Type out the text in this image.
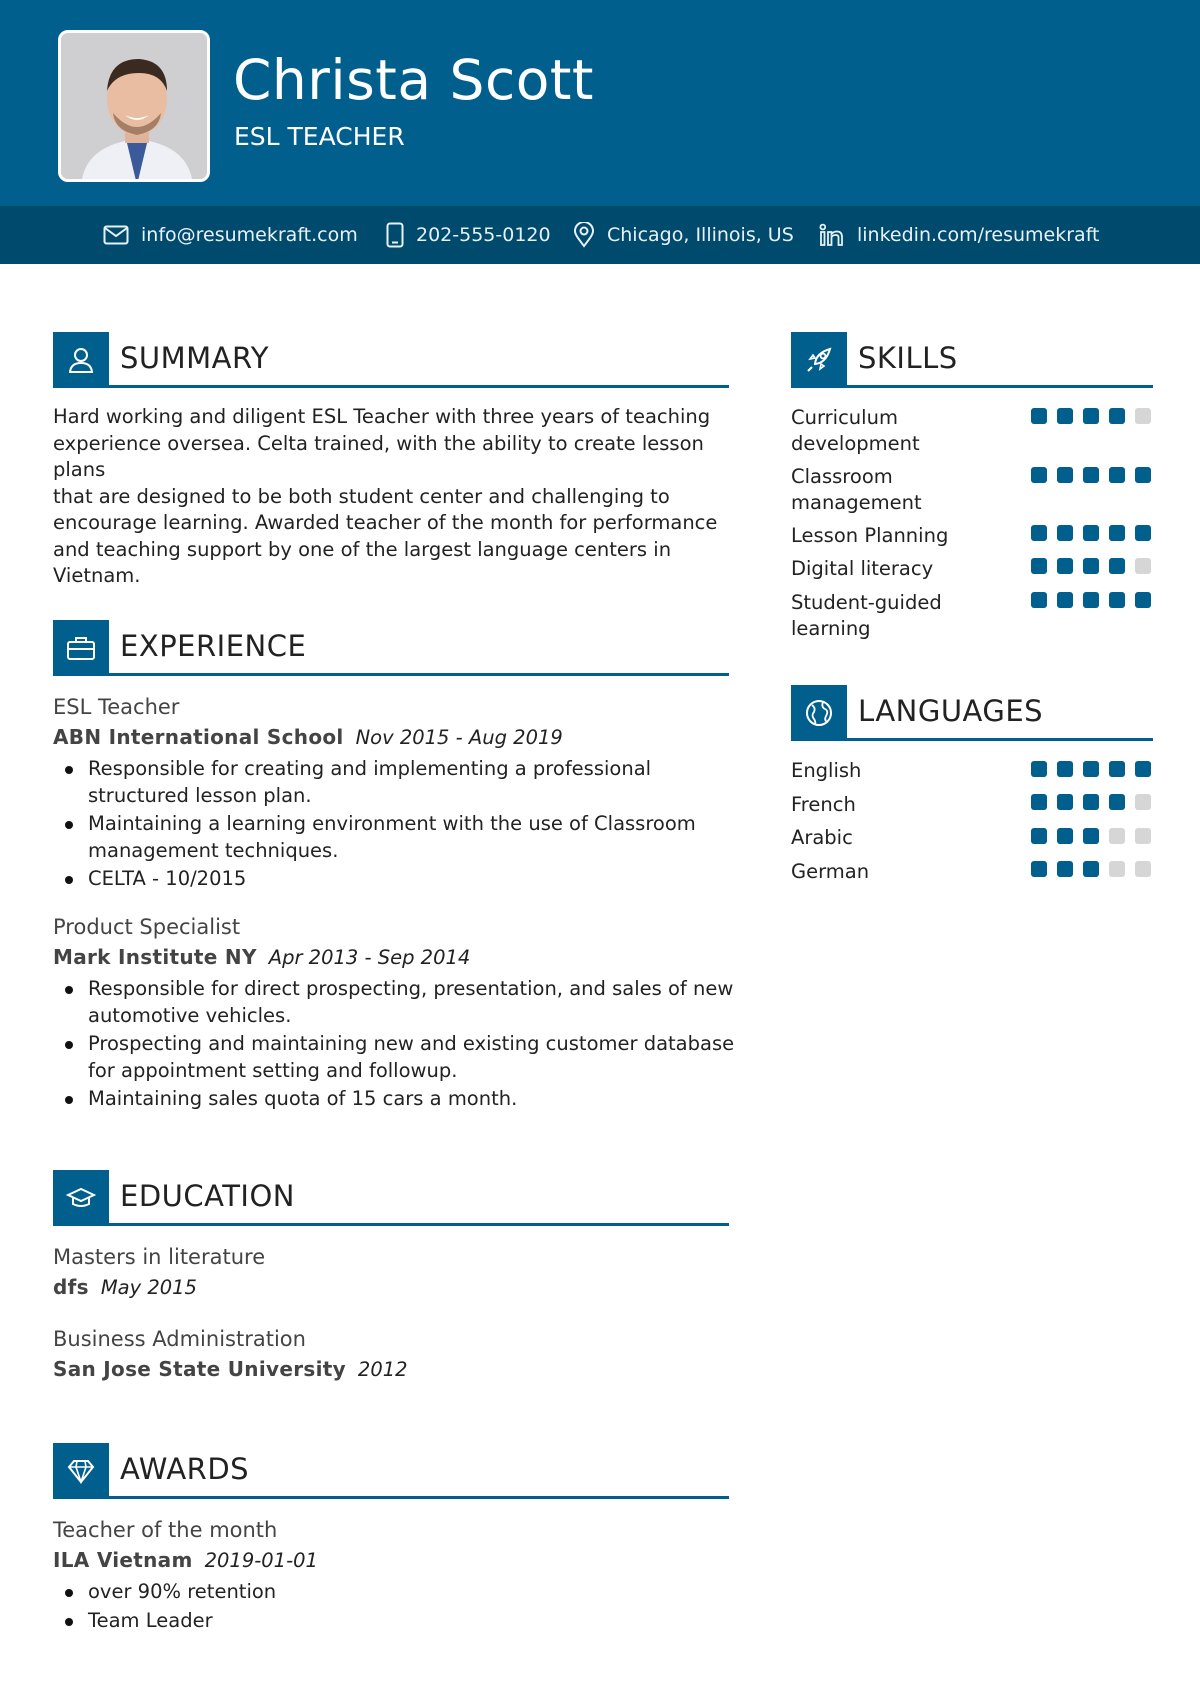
Christa Scott
ESL TEACHER
info@resumekraft.com	202-555-0120	Chicago, Illinois, US	linkedin.com/resumekraft
SUMMARY
Hard working and diligent ESL Teacher with three years of teaching
experience oversea. Celta trained, with the ability to create lesson plans
that are designed to be both student center and challenging to
encourage learning. Awarded teacher of the month for performance
and teaching support by one of the largest language centers in
Vietnam.
EXPERIENCE
ESL Teacher
ABN International School Nov 2015 - Aug 2019
Responsible for creating and implementing a professional
structured lesson plan.
Maintaining a learning environment with the use of Classroom
management techniques.
CELTA - 10/2015
Product Specialist
Mark Institute NY Apr 2013 - Sep 2014
Responsible for direct prospecting, presentation, and sales of new
automotive vehicles.
Prospecting and maintaining new and existing customer database
for appointment setting and followup.
Maintaining sales quota of 15 cars a month.
EDUCATION
Masters in literature
dfs May 2015
Business Administration
San Jose State University 2012
AWARDS
Teacher of the month
ILA Vietnam 2019-01-01
over 90% retention
Team Leader
SKILLS
Curriculum
development
Classroom
management
Lesson Planning
Digital literacy
Student-guided
learning
LANGUAGES
English
French
Arabic
German
